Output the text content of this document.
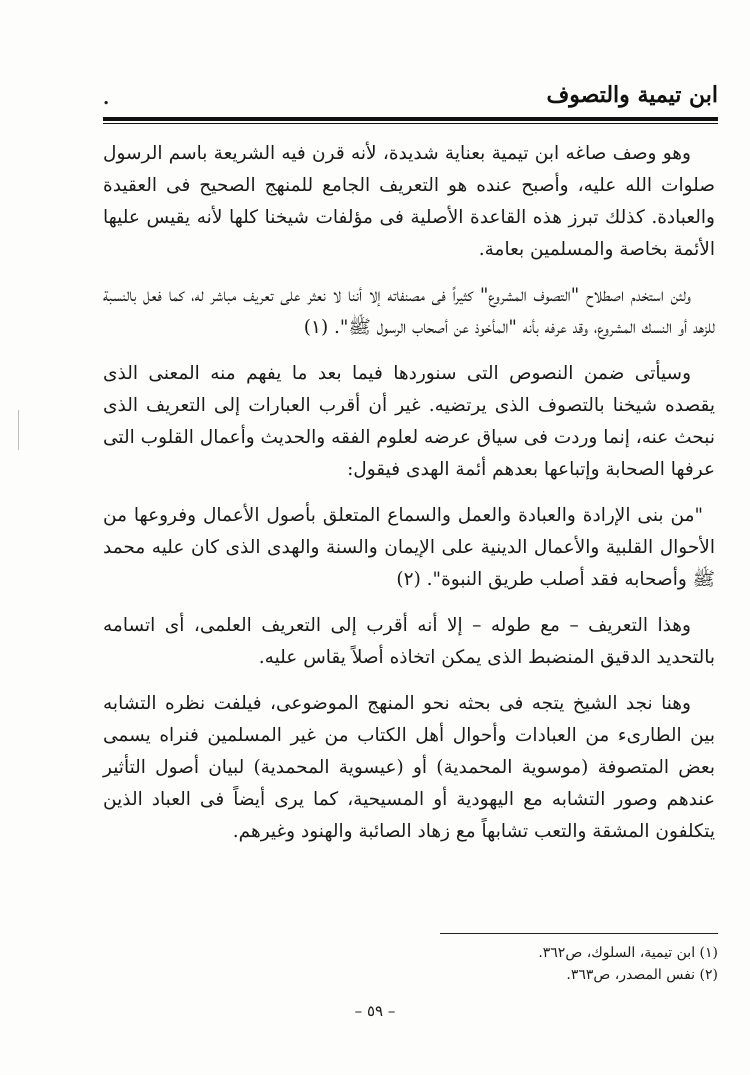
ابن تيمية والتصوف
.

وهو وصف صاغه ابن تيمية بعناية شديدة، لأنه قرن فيه الشريعة باسم الرسول صلوات الله عليه، وأصبح عنده هو التعريف الجامع للمنهج الصحيح فى العقيدة والعبادة. كذلك تبرز هذه القاعدة الأصلية فى مؤلفات شيخنا كلها لأنه يقيس عليها الأئمة بخاصة والمسلمين بعامة.

ولئن استخدم اصطلاح "التصوف المشروع" كثيراً فى مصنفاته إلا أننا لا نعثر على تعريف مباشر له، كما فعل بالنسبة للزهد أو النسك المشروع، وقد عرفه بأنه "المأخوذ عن أصحاب الرسول ﷺ". (١)

وسيأتى ضمن النصوص التى سنوردها فيما بعد ما يفهم منه المعنى الذى يقصده شيخنا بالتصوف الذى يرتضيه. غير أن أقرب العبارات إلى التعريف الذى نبحث عنه، إنما وردت فى سياق عرضه لعلوم الفقه والحديث وأعمال القلوب التى عرفها الصحابة وإتباعها بعدهم أئمة الهدى فيقول:

"من بنى الإرادة والعبادة والعمل والسماع المتعلق بأصول الأعمال وفروعها من الأحوال القلبية والأعمال الدينية على الإيمان والسنة والهدى الذى كان عليه محمد ﷺ وأصحابه فقد أصلب طريق النبوة". (٢)

وهذا التعريف – مع طوله – إلا أنه أقرب إلى التعريف العلمى، أى اتسامه بالتحديد الدقيق المنضبط الذى يمكن اتخاذه أصلاً يقاس عليه.

وهنا نجد الشيخ يتجه فى بحثه نحو المنهج الموضوعى، فيلفت نظره التشابه بين الطارىء من العبادات وأحوال أهل الكتاب من غير المسلمين فنراه يسمى بعض المتصوفة (موسوية المحمدية) أو (عيسوية المحمدية) لبيان أصول التأثير عندهم وصور التشابه مع اليهودية أو المسيحية، كما يرى أيضاً فى العباد الذين يتكلفون المشقة والتعب تشابهاً مع زهاد الصائبة والهنود وغيرهم.

(١) ابن تيمية، السلوك، ص٣٦٢.

(٢) نفس المصدر، ص٣٦٣.

– ٥٩ –
